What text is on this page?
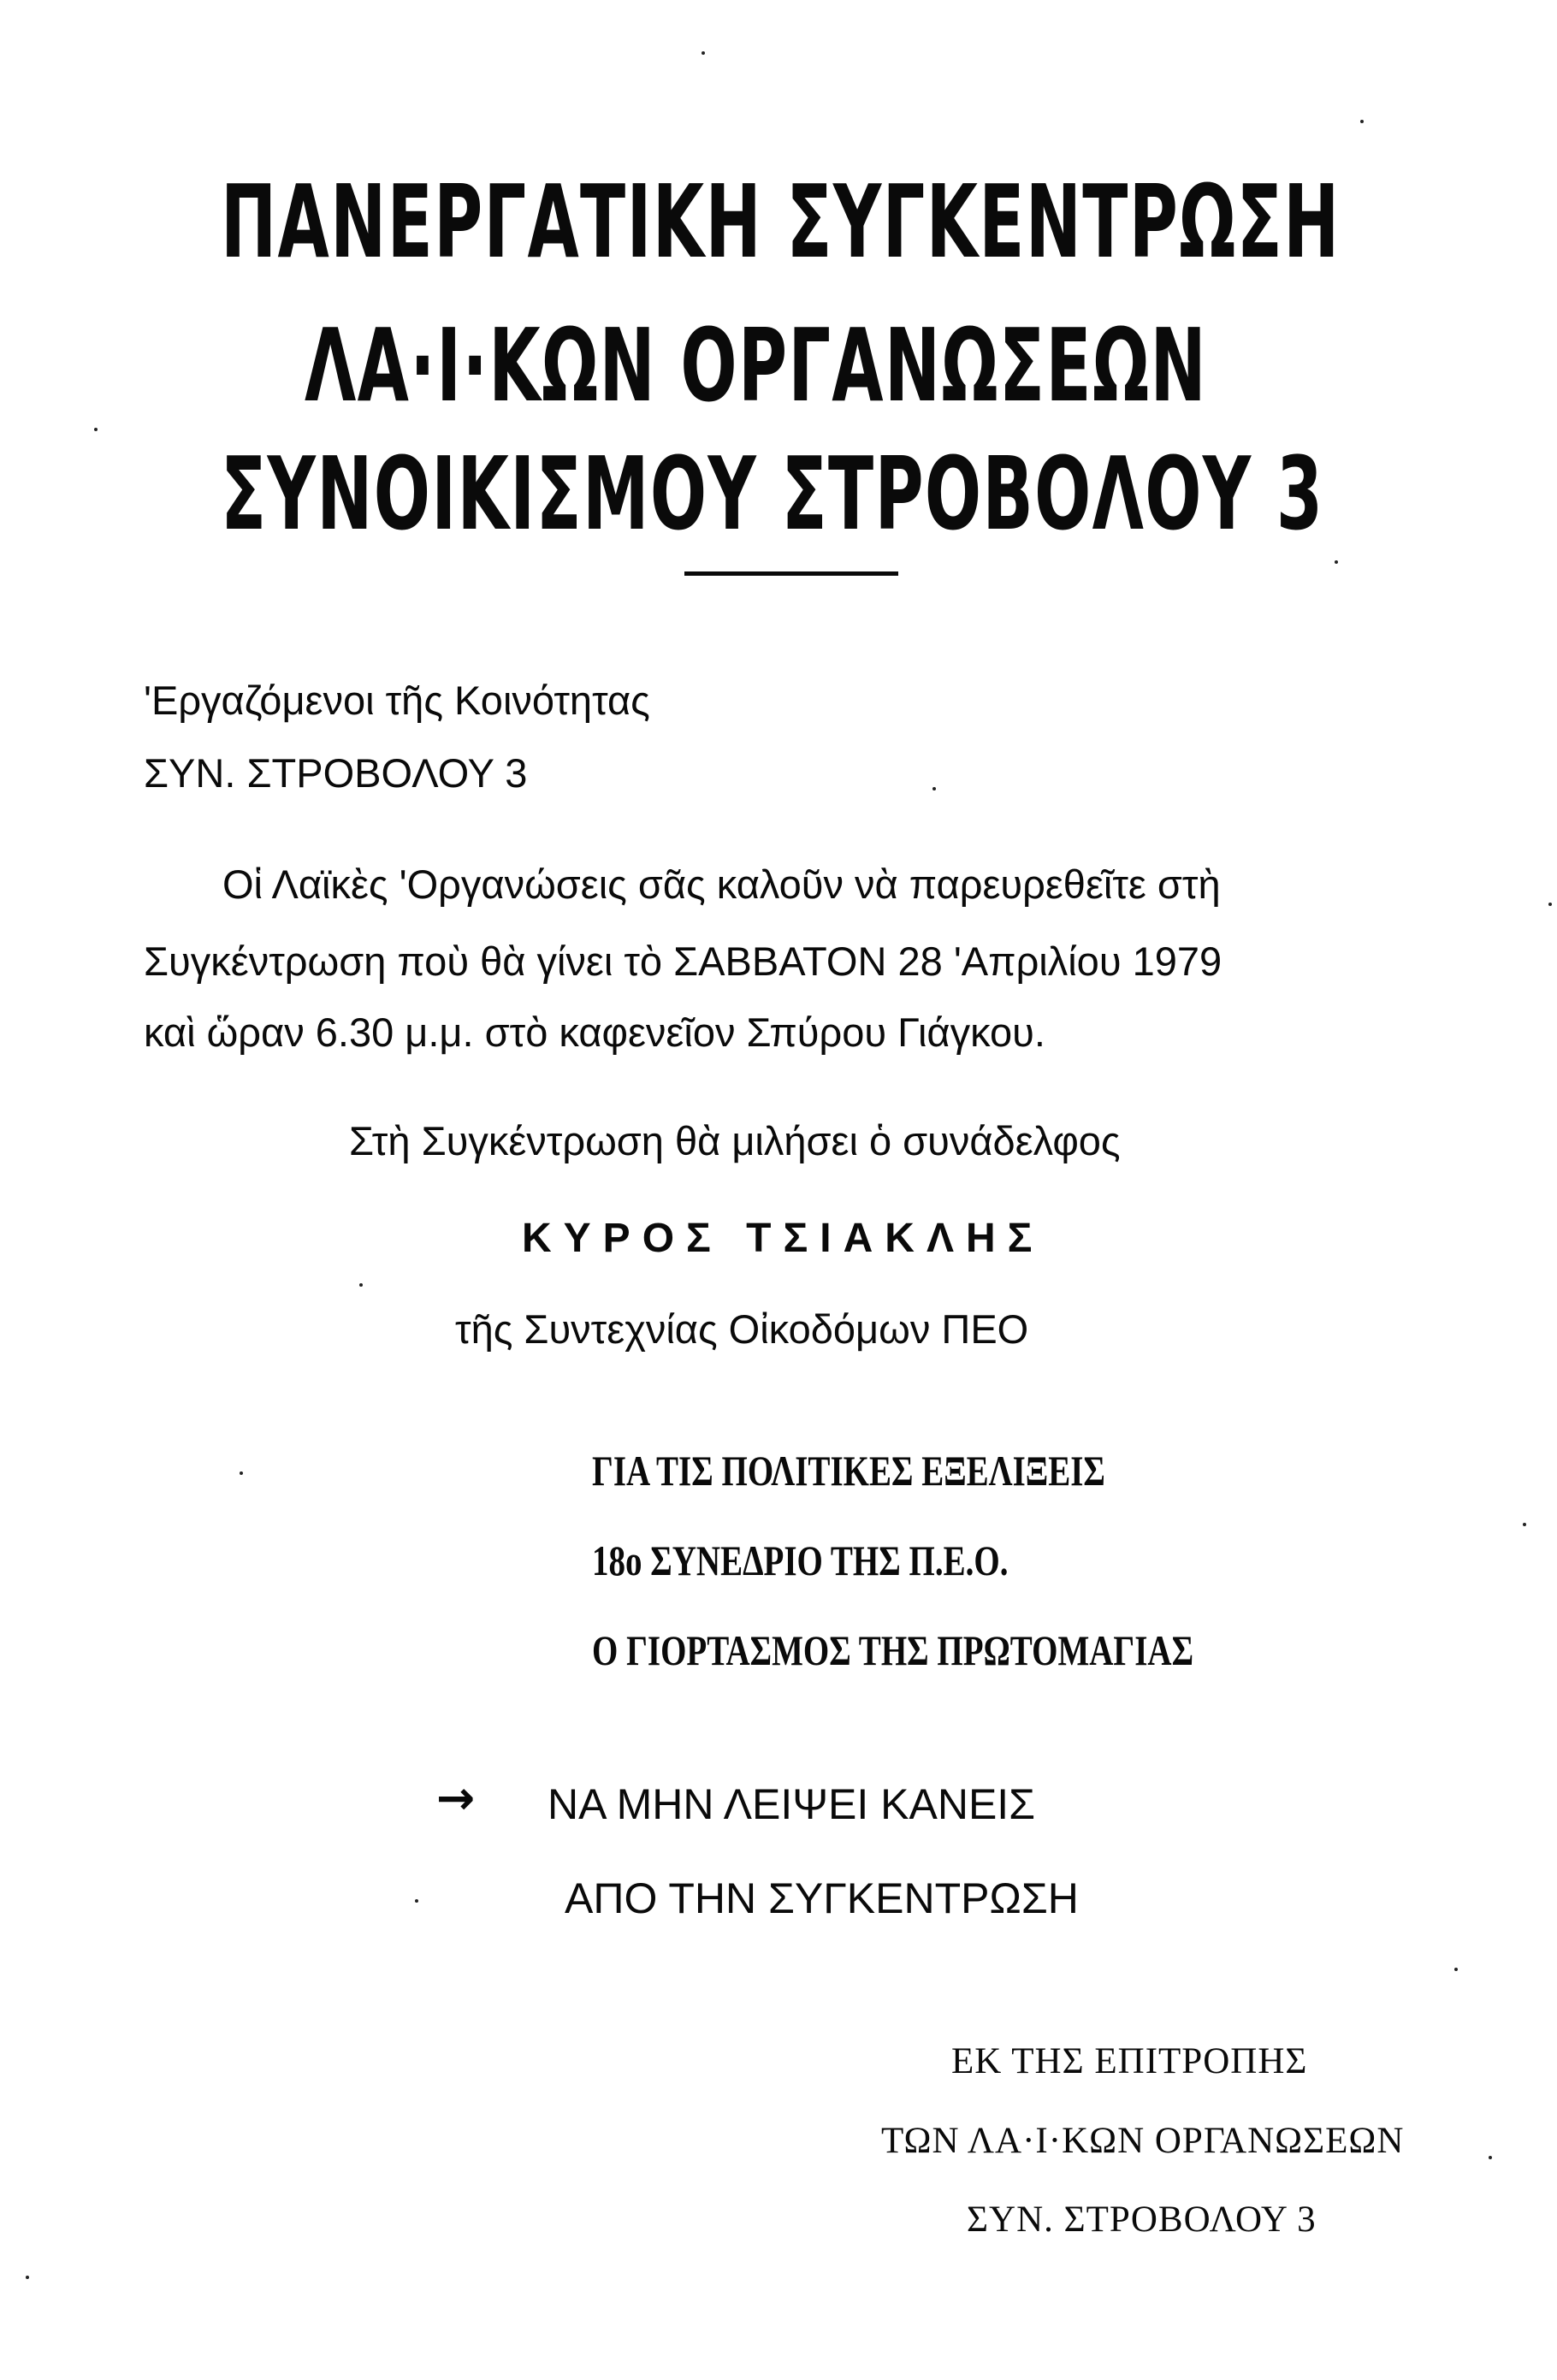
ΠΑΝΕΡΓΑΤΙΚΗ ΣΥΓΚΕΝΤΡΩΣΗ
ΛΑ·Ι·ΚΩΝ ΟΡΓΑΝΩΣΕΩΝ
ΣΥΝΟΙΚΙΣΜΟΥ ΣΤΡΟΒΟΛΟΥ 3
'Εργαζόμενοι τῆς Κοινότητας
ΣΥΝ. ΣΤΡΟΒΟΛΟΥ 3
Οἱ Λαϊκὲς 'Οργανώσεις σᾶς καλοῦν νὰ παρευρεθεῖτε στὴ
Συγκέντρωση ποὺ θὰ γίνει τὸ ΣΑΒΒΑΤΟΝ 28 'Απριλίου 1979
καὶ ὥραν 6.30 μ.μ. στὸ καφενεῖον Σπύρου Γιάγκου.
Στὴ Συγκέντρωση θὰ μιλήσει ὁ συνάδελφος
ΚΥΡΟΣ ΤΣΙΑΚΛΗΣ
τῆς Συντεχνίας Οἰκοδόμων ΠΕΟ
ΓΙΑ ΤΙΣ ΠΟΛΙΤΙΚΕΣ ΕΞΕΛΙΞΕΙΣ
18ο ΣΥΝΕΔΡΙΟ ΤΗΣ Π.Ε.Ο.
Ο ΓΙΟΡΤΑΣΜΟΣ ΤΗΣ ΠΡΩΤΟΜΑΓΙΑΣ
→ ΝΑ ΜΗΝ ΛΕΙΨΕΙ ΚΑΝΕΙΣ
ΑΠΟ ΤΗΝ ΣΥΓΚΕΝΤΡΩΣΗ
ΕΚ ΤΗΣ ΕΠΙΤΡΟΠΗΣ
ΤΩΝ ΛΑ·Ι·ΚΩΝ ΟΡΓΑΝΩΣΕΩΝ
ΣΥΝ. ΣΤΡΟΒΟΛΟΥ 3
